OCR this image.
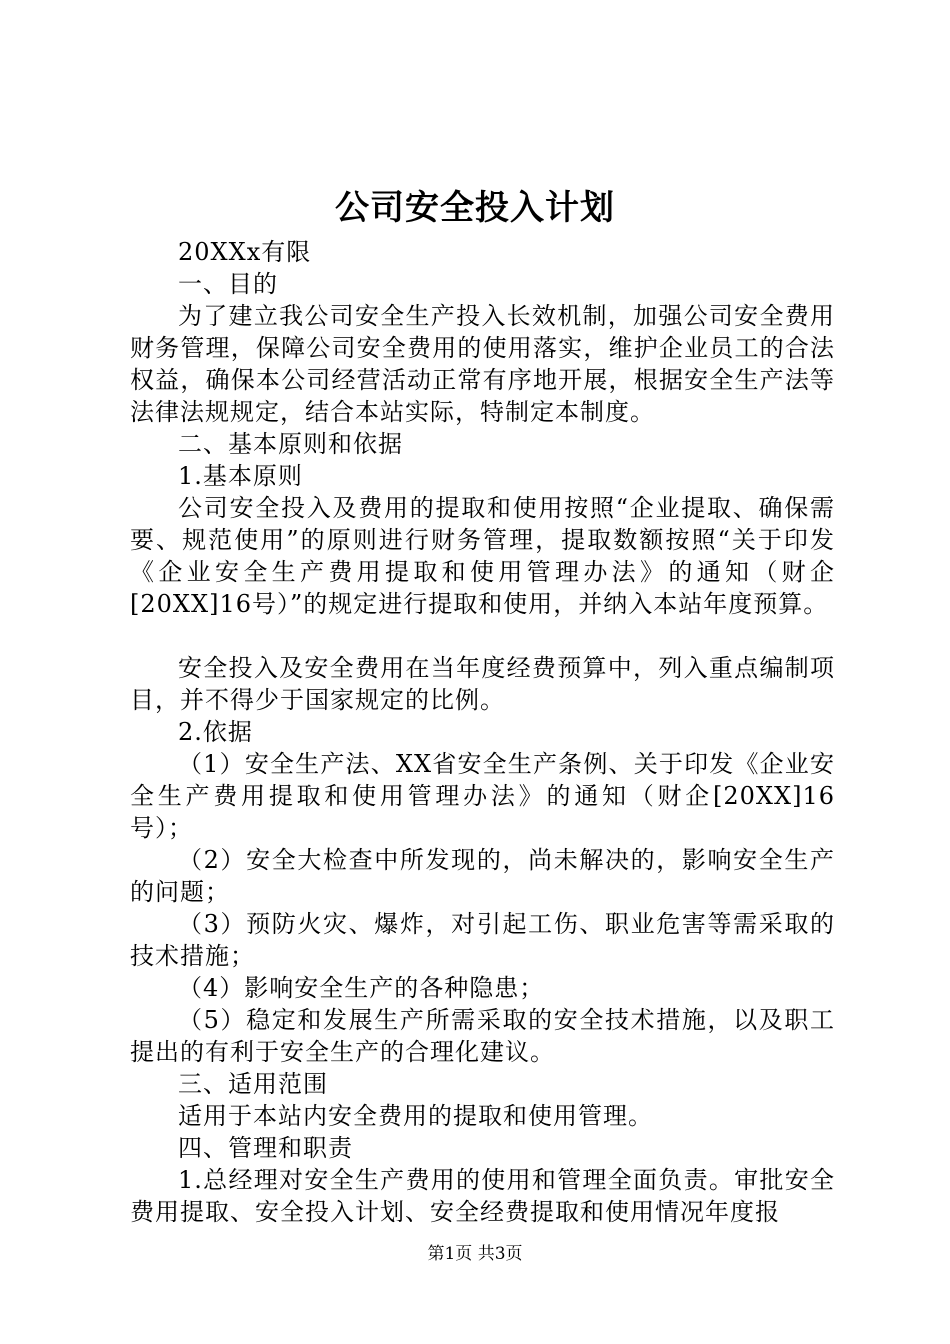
公司安全投入计划

20XXx有限

一、目的

为了建立我公司安全生产投入长效机制，加强公司安全费用财务管理，保障公司安全费用的使用落实，维护企业员工的合法权益，确保本公司经营活动正常有序地开展，根据安全生产法等法律法规规定，结合本站实际，特制定本制度。

二、基本原则和依据

1.基本原则

公司安全投入及费用的提取和使用按照“企业提取、确保需要、规范使用”的原则进行财务管理，提取数额按照“关于印发《企业安全生产费用提取和使用管理办法》的通知（财企[20XX]16号）”的规定进行提取和使用，并纳入本站年度预算。

安全投入及安全费用在当年度经费预算中，列入重点编制项目，并不得少于国家规定的比例。

2.依据

（1）安全生产法、XX省安全生产条例、关于印发《企业安全生产费用提取和使用管理办法》的通知（财企[20XX]16号）；

（2）安全大检查中所发现的，尚未解决的，影响安全生产的问题；

（3）预防火灾、爆炸，对引起工伤、职业危害等需采取的技术措施；

（4）影响安全生产的各种隐患；

（5）稳定和发展生产所需采取的安全技术措施，以及职工提出的有利于安全生产的合理化建议。

三、适用范围

适用于本站内安全费用的提取和使用管理。

四、管理和职责

1.总经理对安全生产费用的使用和管理全面负责。审批安全费用提取、安全投入计划、安全经费提取和使用情况年度报

第1页 共3页
